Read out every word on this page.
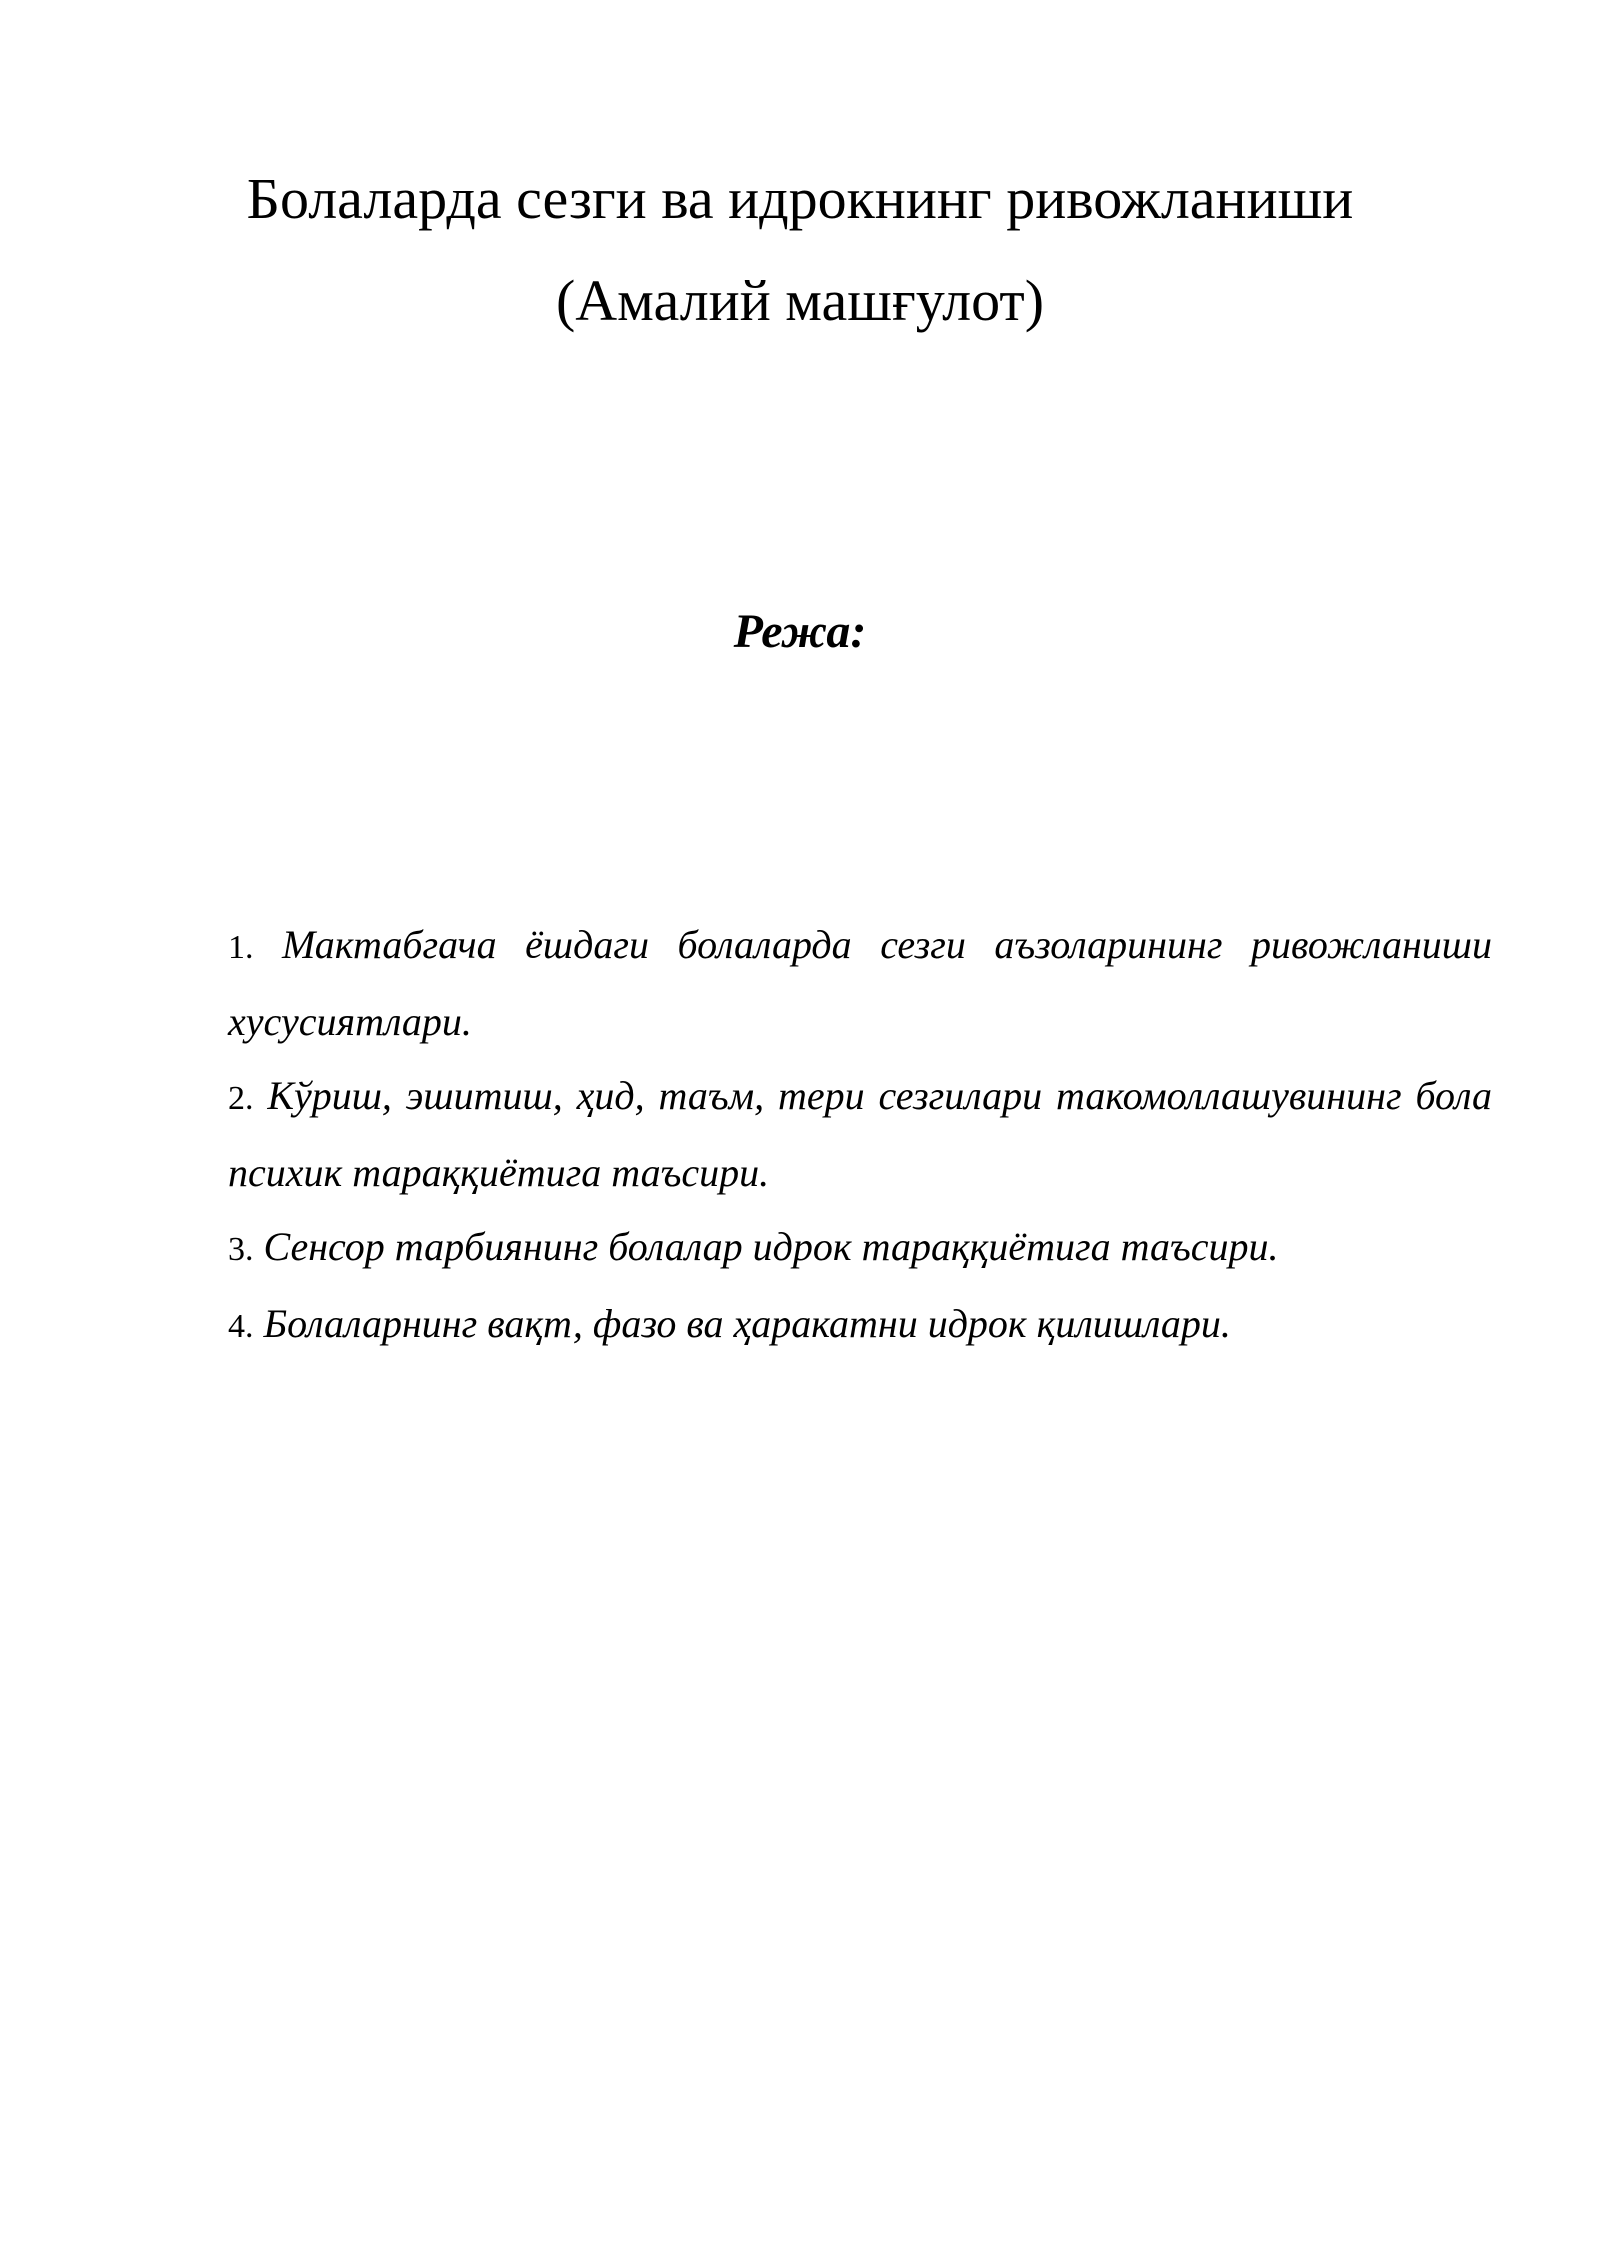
Болаларда сезги ва идрокнинг ривожланиши
(Амалий машғулот)
Режа:
1. Мактабгача ёшдаги болаларда сезги аъзоларининг ривожланиши хусусиятлари.
2. Кўриш, эшитиш, ҳид, таъм, тери сезгилари такомоллашувининг бола психик тараққиётига таъсири.
3. Сенсор тарбиянинг болалар идрок тараққиётига таъсири.
4. Болаларнинг вақт, фазо ва ҳаракатни идрок қилишлари.
